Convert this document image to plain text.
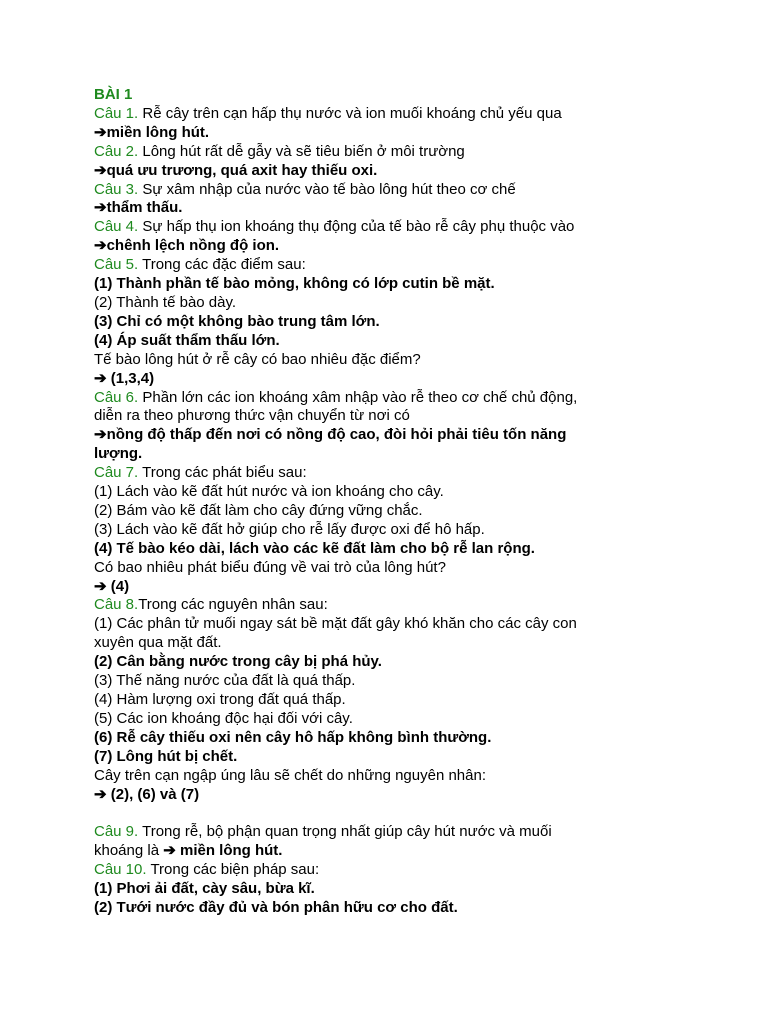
BÀI 1
Câu 1. Rễ cây trên cạn hấp thụ nước và ion muối khoáng chủ yếu qua
➔miền lông hút.
Câu 2. Lông hút rất dễ gẫy và sẽ tiêu biến ở môi trường
➔quá ưu trương, quá axit hay thiếu oxi.
Câu 3. Sự xâm nhập của nước vào tế bào lông hút theo cơ chế
➔thẩm thấu.
Câu 4. Sự hấp thụ ion khoáng thụ động của tế bào rễ cây phụ thuộc vào
➔chênh lệch nồng độ ion.
Câu 5. Trong các đặc điểm sau:
(1) Thành phần tế bào mỏng, không có lớp cutin bề mặt.
(2) Thành tế bào dày.
(3) Chỉ có một không bào trung tâm lớn.
(4) Áp suất thẩm thấu lớn.
Tế bào lông hút ở rễ cây có bao nhiêu đặc điểm?
➔ (1,3,4)
Câu 6. Phần lớn các ion khoáng xâm nhập vào rễ theo cơ chế chủ động,
diễn ra theo phương thức vận chuyển từ nơi có
➔nồng độ thấp đến nơi có nồng độ cao, đòi hỏi phải tiêu tốn năng
lượng.
Câu 7. Trong các phát biểu sau:
(1) Lách vào kẽ đất hút nước và ion khoáng cho cây.
(2) Bám vào kẽ đất làm cho cây đứng vững chắc.
(3) Lách vào kẽ đất hở giúp cho rễ lấy được oxi để hô hấp.
(4) Tế bào kéo dài, lách vào các kẽ đất làm cho bộ rễ lan rộng.
Có bao nhiêu phát biểu đúng về vai trò của lông hút?
➔ (4)
Câu 8.Trong các nguyên nhân sau:
(1) Các phân tử muối ngay sát bề mặt đất gây khó khăn cho các cây con
xuyên qua mặt đất.
(2) Cân bằng nước trong cây bị phá hủy.
(3) Thế năng nước của đất là quá thấp.
(4) Hàm lượng oxi trong đất quá thấp.
(5) Các ion khoáng độc hại đối với cây.
(6) Rễ cây thiếu oxi nên cây hô hấp không bình thường.
(7) Lông hút bị chết.
Cây trên cạn ngập úng lâu sẽ chết do những nguyên nhân:
➔ (2), (6) và (7)
Câu 9. Trong rễ, bộ phận quan trọng nhất giúp cây hút nước và muối
khoáng là ➔ miền lông hút.
Câu 10. Trong các biện pháp sau:
(1) Phơi ải đất, cày sâu, bừa kĩ.
(2) Tưới nước đầy đủ và bón phân hữu cơ cho đất.
